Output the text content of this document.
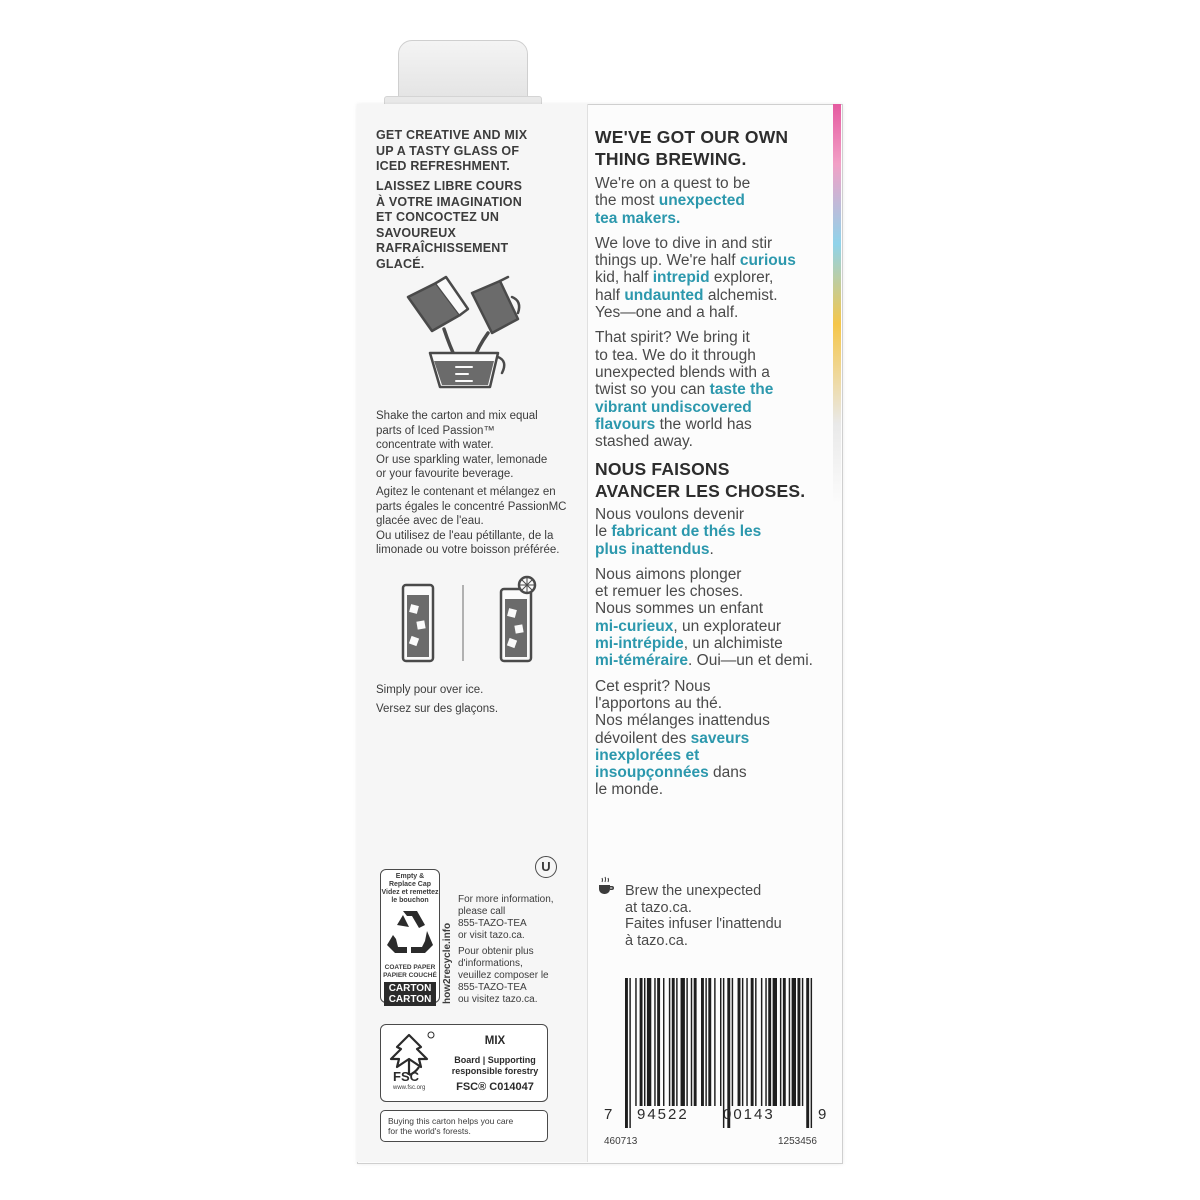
GET CREATIVE AND MIX
UP A TASTY GLASS OF
ICED REFRESHMENT.
LAISSEZ LIBRE COURS
À VOTRE IMAGINATION
ET CONCOCTEZ UN
SAVOUREUX
RAFRAÎCHISSEMENT
GLACÉ.
Shake the carton and mix equal
parts of Iced Passion™
concentrate with water.
Or use sparkling water, lemonade
or your favourite beverage.
Agitez le contenant et mélangez en
parts égales le concentré PassionMC
glacée avec de l'eau.
Ou utilisez de l'eau pétillante, de la
limonade ou votre boisson préférée.
Simply pour over ice.
Versez sur des glaçons.
U
Empty &
Replace Cap
Videz et remettez
le bouchon
COATED PAPER
PAPIER COUCHÉ
CARTON
CARTON	how2recycle.info
For more information,
please call
855-TAZO-TEA
or visit tazo.ca.
Pour obtenir plus
d'informations,
veuillez composer le
855-TAZO-TEA
ou visitez tazo.ca.
FSC
www.fsc.org
MIX
Board | Supporting
responsible forestry
FSC® C014047
Buying this carton helps you care
for the world's forests.
WE'VE GOT OUR OWN
THING BREWING.
We're on a quest to be
the most unexpected
tea makers.
We love to dive in and stir
things up. We're half curious
kid, half intrepid explorer,
half undaunted alchemist.
Yes—one and a half.
That spirit? We bring it
to tea. We do it through
unexpected blends with a
twist so you can taste the
vibrant undiscovered
flavours the world has
stashed away.
NOUS FAISONS
AVANCER LES CHOSES.
Nous voulons devenir
le fabricant de thés les
plus inattendus.
Nous aimons plonger
et remuer les choses.
Nous sommes un enfant
mi-curieux, un explorateur
mi-intrépide, un alchimiste
mi-téméraire. Oui—un et demi.
Cet esprit? Nous
l'apportons au thé.
Nos mélanges inattendus
dévoilent des saveurs
inexplorées et
insoupçonnées dans
le monde.
Brew the unexpected
at tazo.ca.
Faites infuser l'inattendu
à tazo.ca.
7 94522 00143	9
460713	1253456
